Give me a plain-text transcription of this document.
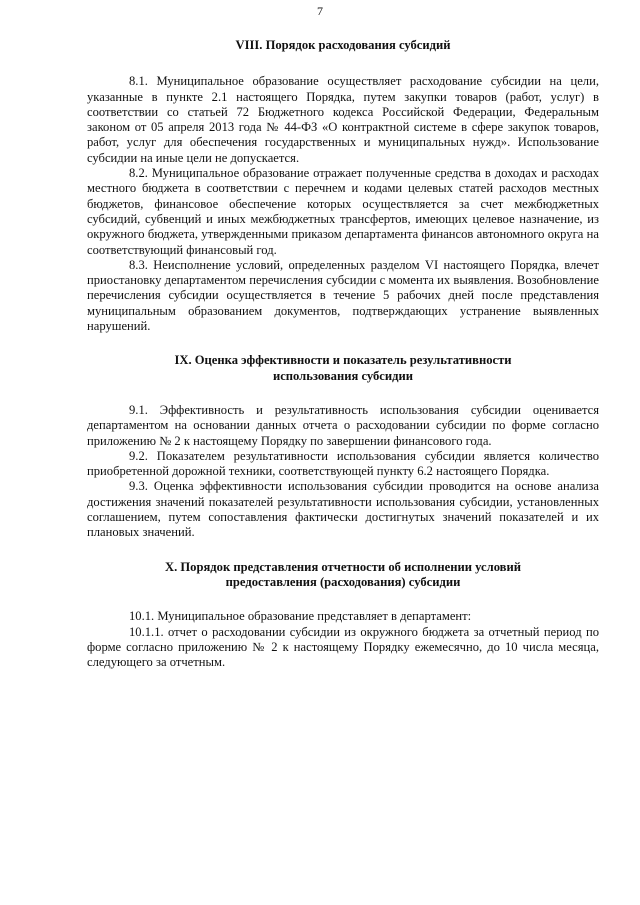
7
VIII. Порядок расходования субсидий

8.1. Муниципальное образование осуществляет расходование субсидии на цели, указанные в пункте 2.1 настоящего Порядка, путем закупки товаров (работ, услуг) в соответствии со статьей 72 Бюджетного кодекса Российской Федерации, Федеральным законом от 05 апреля 2013 года № 44-ФЗ «О контрактной системе в сфере закупок товаров, работ, услуг для обеспечения государственных и муниципальных нужд». Использование субсидии на иные цели не допускается.

8.2. Муниципальное образование отражает полученные средства в доходах и расходах местного бюджета в соответствии с перечнем и кодами целевых статей расходов местных бюджетов, финансовое обеспечение которых осуществляется за счет межбюджетных субсидий, субвенций и иных межбюджетных трансфертов, имеющих целевое назначение, из окружного бюджета, утвержденными приказом департамента финансов автономного округа на соответствующий финансовый год.

8.3. Неисполнение условий, определенных разделом VI настоящего Порядка, влечет приостановку департаментом перечисления субсидии с момента их выявления. Возобновление перечисления субсидии осуществляется в течение 5 рабочих дней после представления муниципальным образованием документов, подтверждающих устранение выявленных нарушений.

IX. Оценка эффективности и показатель результативности
использования субсидии

9.1. Эффективность и результативность использования субсидии оценивается департаментом на основании данных отчета о расходовании субсидии по форме согласно приложению № 2 к настоящему Порядку по завершении финансового года.

9.2. Показателем результативности использования субсидии является количество приобретенной дорожной техники, соответствующей пункту 6.2 настоящего Порядка.

9.3. Оценка эффективности использования субсидии проводится на основе анализа достижения значений показателей результативности использования субсидии, установленных соглашением, путем сопоставления фактически достигнутых значений показателей и их плановых значений.

X. Порядок представления отчетности об исполнении условий
предоставления (расходования) субсидии

10.1. Муниципальное образование представляет в департамент:

10.1.1. отчет о расходовании субсидии из окружного бюджета за отчетный период по форме согласно приложению № 2 к настоящему Порядку ежемесячно, до 10 числа месяца, следующего за отчетным.
